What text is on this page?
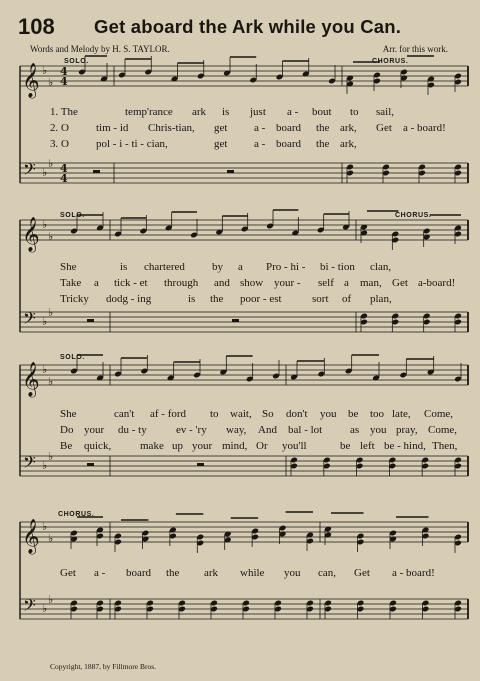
108 Get aboard the Ark while you Can.
Words and Melody by H. S. TAYLOR.	Arr. for this work.
𝄞
𝄢
♭
♭
♭
♭
4
4
4
4
𝄞
𝄢
♭
♭
♭
♭
𝄞
𝄢
♭
♭
♭
♭
𝄞
𝄢
♭
♭
♭
♭
SOLO.	CHORUS.
SOLO.	CHORUS.
SOLO.
CHORUS.
1. The	temp'rance ark is just a - bout to sail,
2. O tim - id Chris-tian, get a - board the ark, Get a - board!
3. O pol - i - ti - cian,	get a - board the ark,
She	is chartered by a Pro - hi - bi - tion clan,
Take a tick - et through and show your - self a man, Get a-board!
Tricky dodg - ing	is the poor - est	sort of plan,
She	can't af - ford to wait, So don't you be too late, Come,
Do your du - ty	ev - 'ry way, And bal - lot	as you pray, Come,
Be quick,	make up your mind, Or you'll	be left be - hind, Then,
Get a - board the ark while you can, Get a - board!
Copyright, 1887, by Fillmore Bros.
